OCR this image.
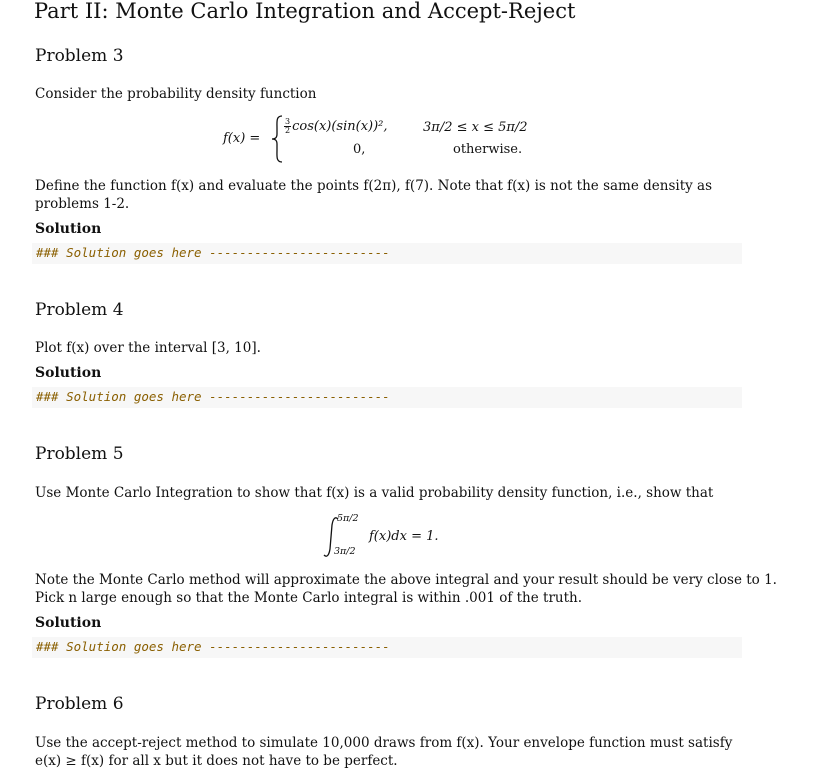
Part II: Monte Carlo Integration and Accept-Reject
Problem 3
Consider the probability density function
f(x) =
$\frac{3}{2} \cos(x)(\sin(x))^2$,	3π/2 ≤ x ≤ 5π/2
0,	otherwise.
Define the function f(x) and evaluate the points f(2π), f(7). Note that f(x) is not the same density as
problems 1-2.
Solution
### Solution goes here ------------------------
Problem 4
Plot f(x) over the interval [3, 10].
Solution
### Solution goes here ------------------------
Problem 5
Use Monte Carlo Integration to show that f(x) is a valid probability density function, i.e., show that
5π/2
3π/2
f(x)dx = 1.
Note the Monte Carlo method will approximate the above integral and your result should be very close to 1.
Pick n large enough so that the Monte Carlo integral is within .001 of the truth.
Solution
### Solution goes here ------------------------
Problem 6
Use the accept-reject method to simulate 10,000 draws from f(x). Your envelope function must satisfy
e(x) ≥ f(x) for all x but it does not have to be perfect.
